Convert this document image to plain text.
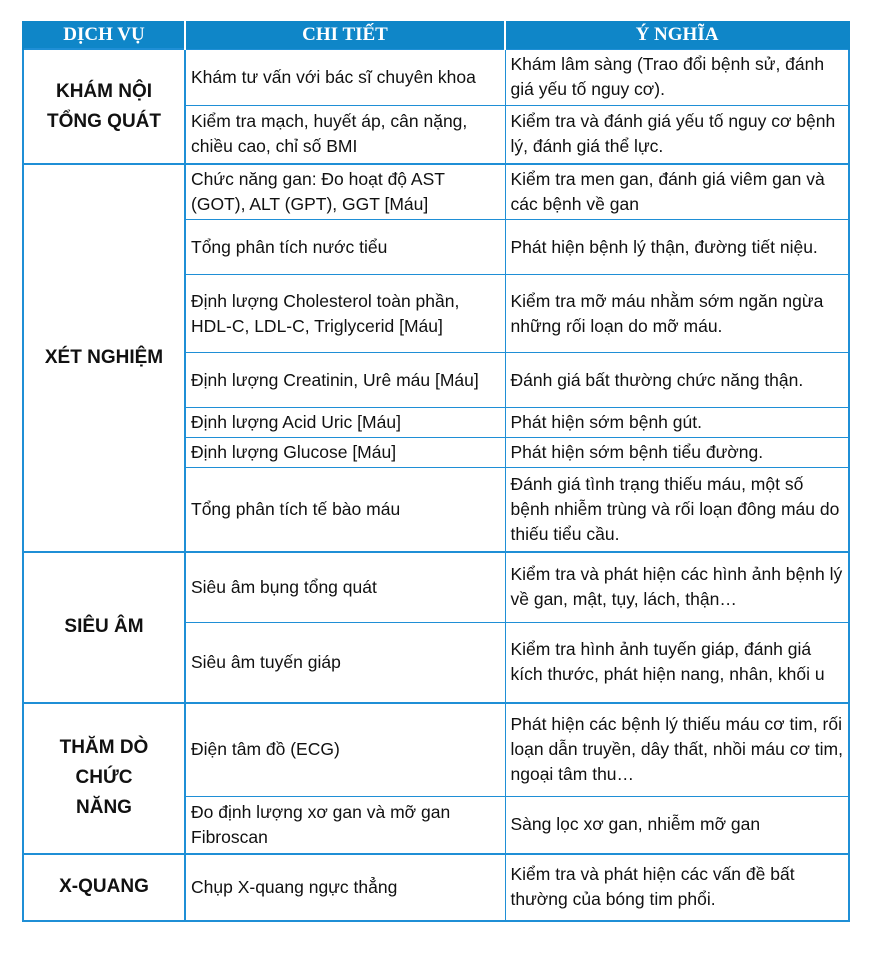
DỊCH VỤ	CHI TIẾT	Ý NGHĨA
KHÁM NỘI TỔNG QUÁT	Khám tư vấn với bác sĩ chuyên khoa	Khám lâm sàng (Trao đổi bệnh sử, đánh giá yếu tố nguy cơ).
	Kiểm tra mạch, huyết áp, cân nặng, chiều cao, chỉ số BMI	Kiểm tra và đánh giá yếu tố nguy cơ bệnh lý, đánh giá thể lực.
XÉT NGHIỆM	Chức năng gan: Đo hoạt độ AST (GOT), ALT (GPT), GGT [Máu]	Kiểm tra men gan, đánh giá viêm gan và các bệnh về gan
	Tổng phân tích nước tiểu	Phát hiện bệnh lý thận, đường tiết niệu.
	Định lượng Cholesterol toàn phần, HDL-C, LDL-C, Triglycerid [Máu]	Kiểm tra mỡ máu nhằm sớm ngăn ngừa những rối loạn do mỡ máu.
	Định lượng Creatinin, Urê máu [Máu]	Đánh giá bất thường chức năng thận.
	Định lượng Acid Uric [Máu]	Phát hiện sớm bệnh gút.
	Định lượng Glucose [Máu]	Phát hiện sớm bệnh tiểu đường.
	Tổng phân tích tế bào máu	Đánh giá tình trạng thiếu máu, một số bệnh nhiễm trùng và rối loạn đông máu do thiếu tiểu cầu.
SIÊU ÂM	Siêu âm bụng tổng quát	Kiểm tra và phát hiện các hình ảnh bệnh lý về gan, mật, tụy, lách, thận…
	Siêu âm tuyến giáp	Kiểm tra hình ảnh tuyến giáp, đánh giá kích thước, phát hiện nang, nhân, khối u
THĂM DÒ CHỨC NĂNG	Điện tâm đồ (ECG)	Phát hiện các bệnh lý thiếu máu cơ tim, rối loạn dẫn truyền, dây thất, nhồi máu cơ tim, ngoại tâm thu…
	Đo định lượng xơ gan và mỡ gan Fibroscan	Sàng lọc xơ gan, nhiễm mỡ gan
X-QUANG	Chụp X-quang ngực thẳng	Kiểm tra và phát hiện các vấn đề bất thường của bóng tim phổi.
